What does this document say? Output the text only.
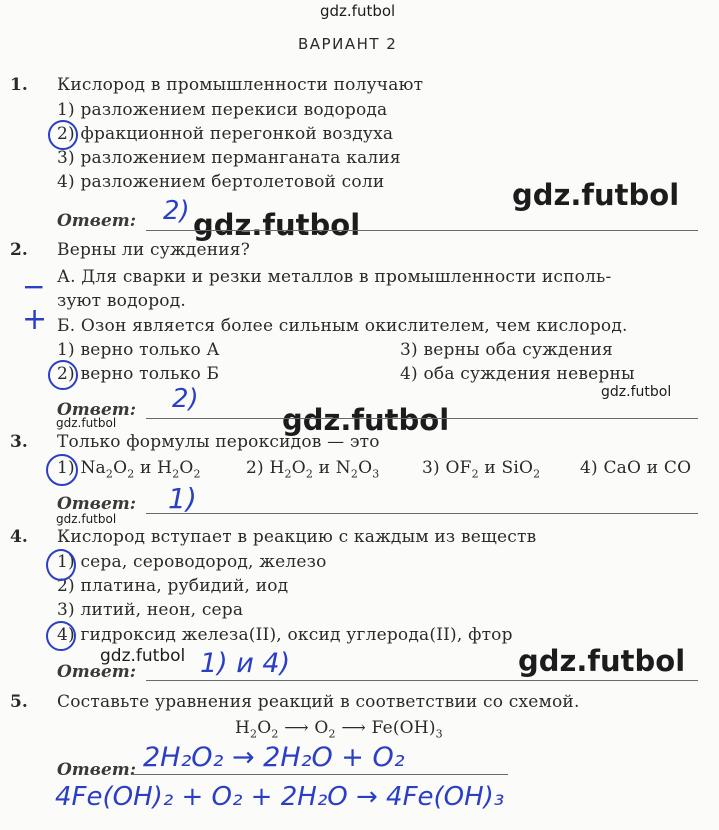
gdz.futbol
gdz.futbol
gdz.futbol
gdz.futbol
gdz.futbol
gdz.futbol
gdz.futbol
gdz.futbol	gdz.futbol
ВАРИАНТ 2
1. Кислород в промышленности получают
1) разложением перекиси водорода
2) фракционной перегонкой воздуха
3) разложением перманганата калия
4) разложением бертолетовой соли
Ответ: 2)
2. Верны ли суждения?
А. Для сварки и резки металлов в промышленности исполь-
зуют водород.
Б. Озон является более сильным окислителем, чем кислород.
−
+
1) верно только А
2) верно только Б
3) верны оба суждения
4) оба суждения неверны
Ответ: 2)
3. Только формулы пероксидов — это
1) $Na_2O_2$ и $H_2O_2$	2) $H_2O_2$ и $N_2O_3$	3) $OF_2$ и SiO$_2$ 4) CaO и CO
Ответ: 1)
4. Кислород вступает в реакцию с каждым из веществ
1) сера, сероводород, железо
2) платина, рубидий, иод
3) литий, неон, сера
4) гидроксид железа(II), оксид углерода(II), фтор
Ответ: 1) и 4)
5. Составьте уравнения реакций в соответствии со схемой.
$H_2O_2$ ⟶ $O_2$ ⟶ $Fe(OH)_3$
Ответ: 2H₂O₂ → 2H₂O + O₂
4Fe(OH)₂ + O₂ + 2H₂O → 4Fe(OH)₃
